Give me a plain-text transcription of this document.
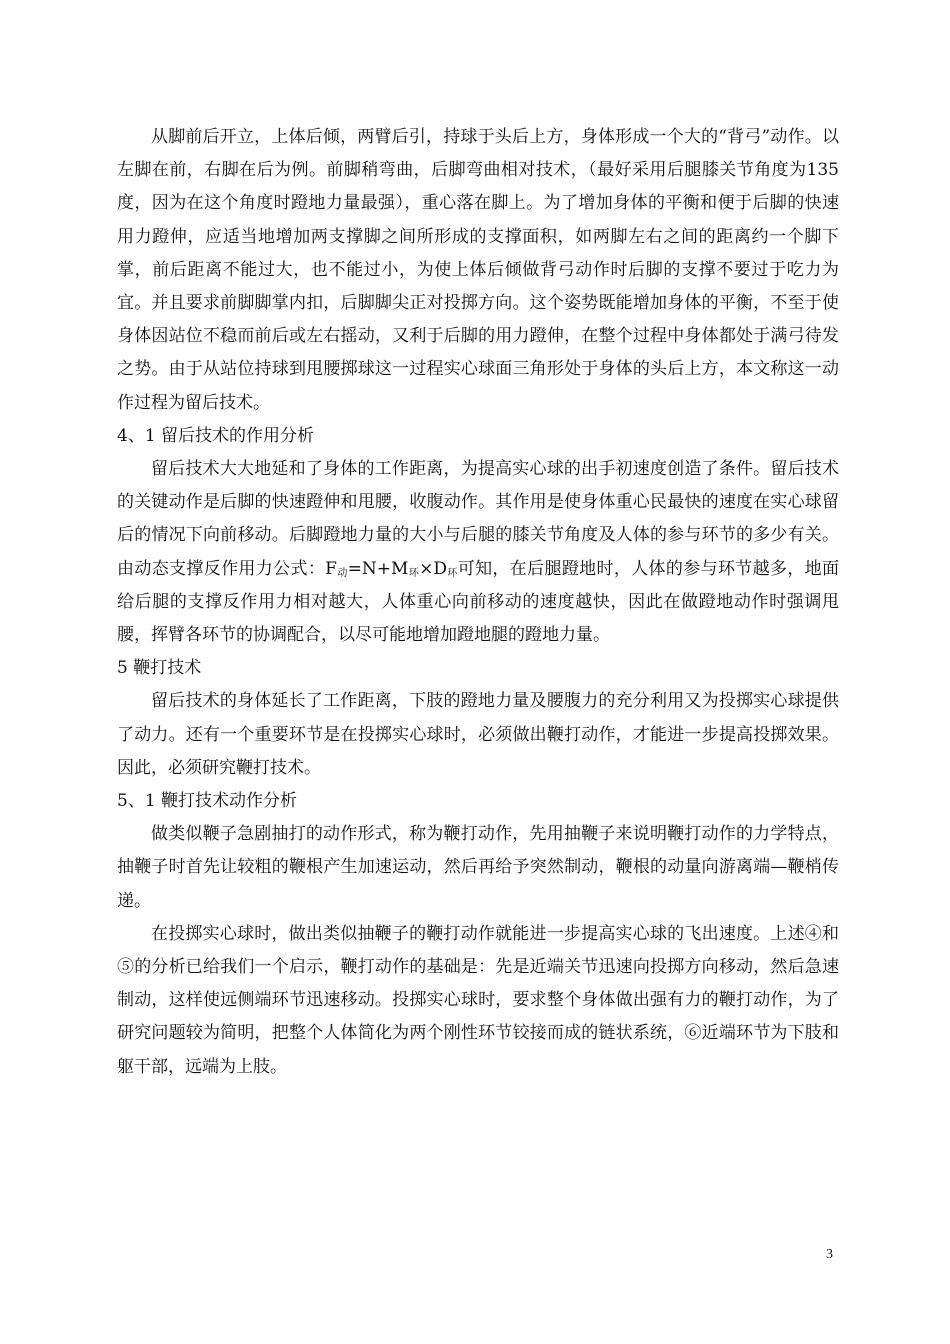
从脚前后开立，上体后倾，两臂后引，持球于头后上方，身体形成一个大的“背弓”动作。以左脚在前，右脚在后为例。前脚稍弯曲，后脚弯曲相对技术，（最好采用后腿膝关节角度为135度，因为在这个角度时蹬地力量最强），重心落在脚上。为了增加身体的平衡和便于后脚的快速用力蹬伸，应适当地增加两支撑脚之间所形成的支撑面积，如两脚左右之间的距离约一个脚下掌，前后距离不能过大，也不能过小，为使上体后倾做背弓动作时后脚的支撑不要过于吃力为宜。并且要求前脚脚掌内扣，后脚脚尖正对投掷方向。这个姿势既能增加身体的平衡，不至于使身体因站位不稳而前后或左右摇动，又利于后脚的用力蹬伸，在整个过程中身体都处于满弓待发之势。由于从站位持球到甩腰掷球这一过程实心球面三角形处于身体的头后上方，本文称这一动作过程为留后技术。

4、1 留后技术的作用分析

留后技术大大地延和了身体的工作距离，为提高实心球的出手初速度创造了条件。留后技术的关键动作是后脚的快速蹬伸和甩腰，收腹动作。其作用是使身体重心民最快的速度在实心球留后的情况下向前移动。后脚蹬地力量的大小与后腿的膝关节角度及人体的参与环节的多少有关。由动态支撑反作用力公式：$F_动=N+M_环\times D_环$可知，在后腿蹬地时，人体的参与环节越多，地面给后腿的支撑反作用力相对越大，人体重心向前移动的速度越快，因此在做蹬地动作时强调甩腰，挥臂各环节的协调配合，以尽可能地增加蹬地腿的蹬地力量。

5 鞭打技术

留后技术的身体延长了工作距离，下肢的蹬地力量及腰腹力的充分利用又为投掷实心球提供了动力。还有一个重要环节是在投掷实心球时，必须做出鞭打动作，才能进一步提高投掷效果。因此，必须研究鞭打技术。

5、1 鞭打技术动作分析

做类似鞭子急剧抽打的动作形式，称为鞭打动作，先用抽鞭子来说明鞭打动作的力学特点，抽鞭子时首先让较粗的鞭根产生加速运动，然后再给予突然制动，鞭根的动量向游离端—鞭梢传递。

在投掷实心球时，做出类似抽鞭子的鞭打动作就能进一步提高实心球的飞出速度。上述④和⑤的分析已给我们一个启示，鞭打动作的基础是：先是近端关节迅速向投掷方向移动，然后急速制动，这样使远侧端环节迅速移动。投掷实心球时，要求整个身体做出强有力的鞭打动作，为了研究问题较为简明，把整个人体简化为两个刚性环节铰接而成的链状系统，⑥近端环节为下肢和躯干部，远端为上肢。

3
